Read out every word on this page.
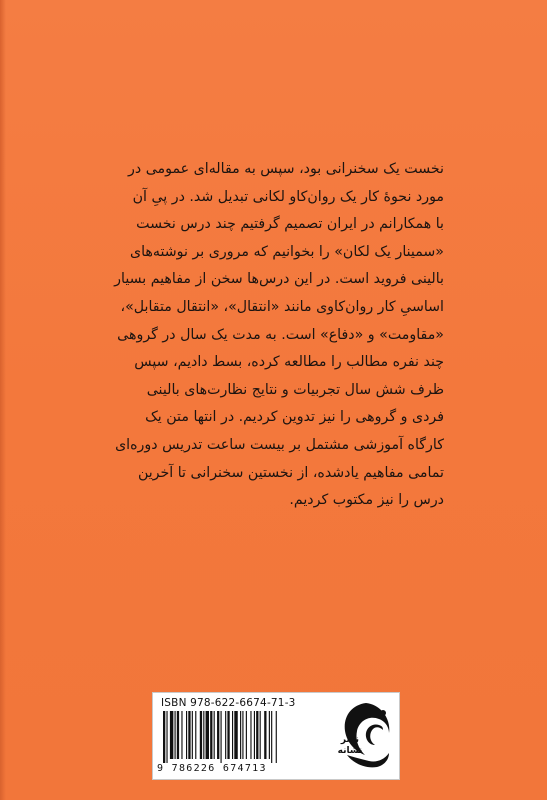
نخست یک سخنرانی بود، سپس به مقاله‌ای عمومی در
مورد نحوۀ کار یک روان‌کاو لکانی تبدیل شد. در پیِ آن
با همکارانم در ایران تصمیم گرفتیم چند درس نخست
«سمینار یک لکان» را بخوانیم که مروری بر نوشته‌های
بالینی فروید است. در این درس‌ها سخن از مفاهیم بسیار
اساسیِ کار روان‌کاوی مانند «انتقال»، «انتقال متقابل»،
«مقاومت» و «دفاع» است. به مدت یک سال در گروهی
چند نفره مطالب را مطالعه کرده، بسط دادیم، سپس
ظرف شش سال تجربیات و نتایج نظارت‌های بالینی
فردی و گروهی را نیز تدوین کردیم. در انتها متن یک
کارگاه آموزشی مشتمل بر بیست ساعت تدریس دوره‌ای
تمامی مفاهیم یادشده، از نخستین سخنرانی تا آخرین
درس را نیز مکتوب کردیم.
ISBN 978-622-6674-71-3
9 786226 674713
نشر نشانه
